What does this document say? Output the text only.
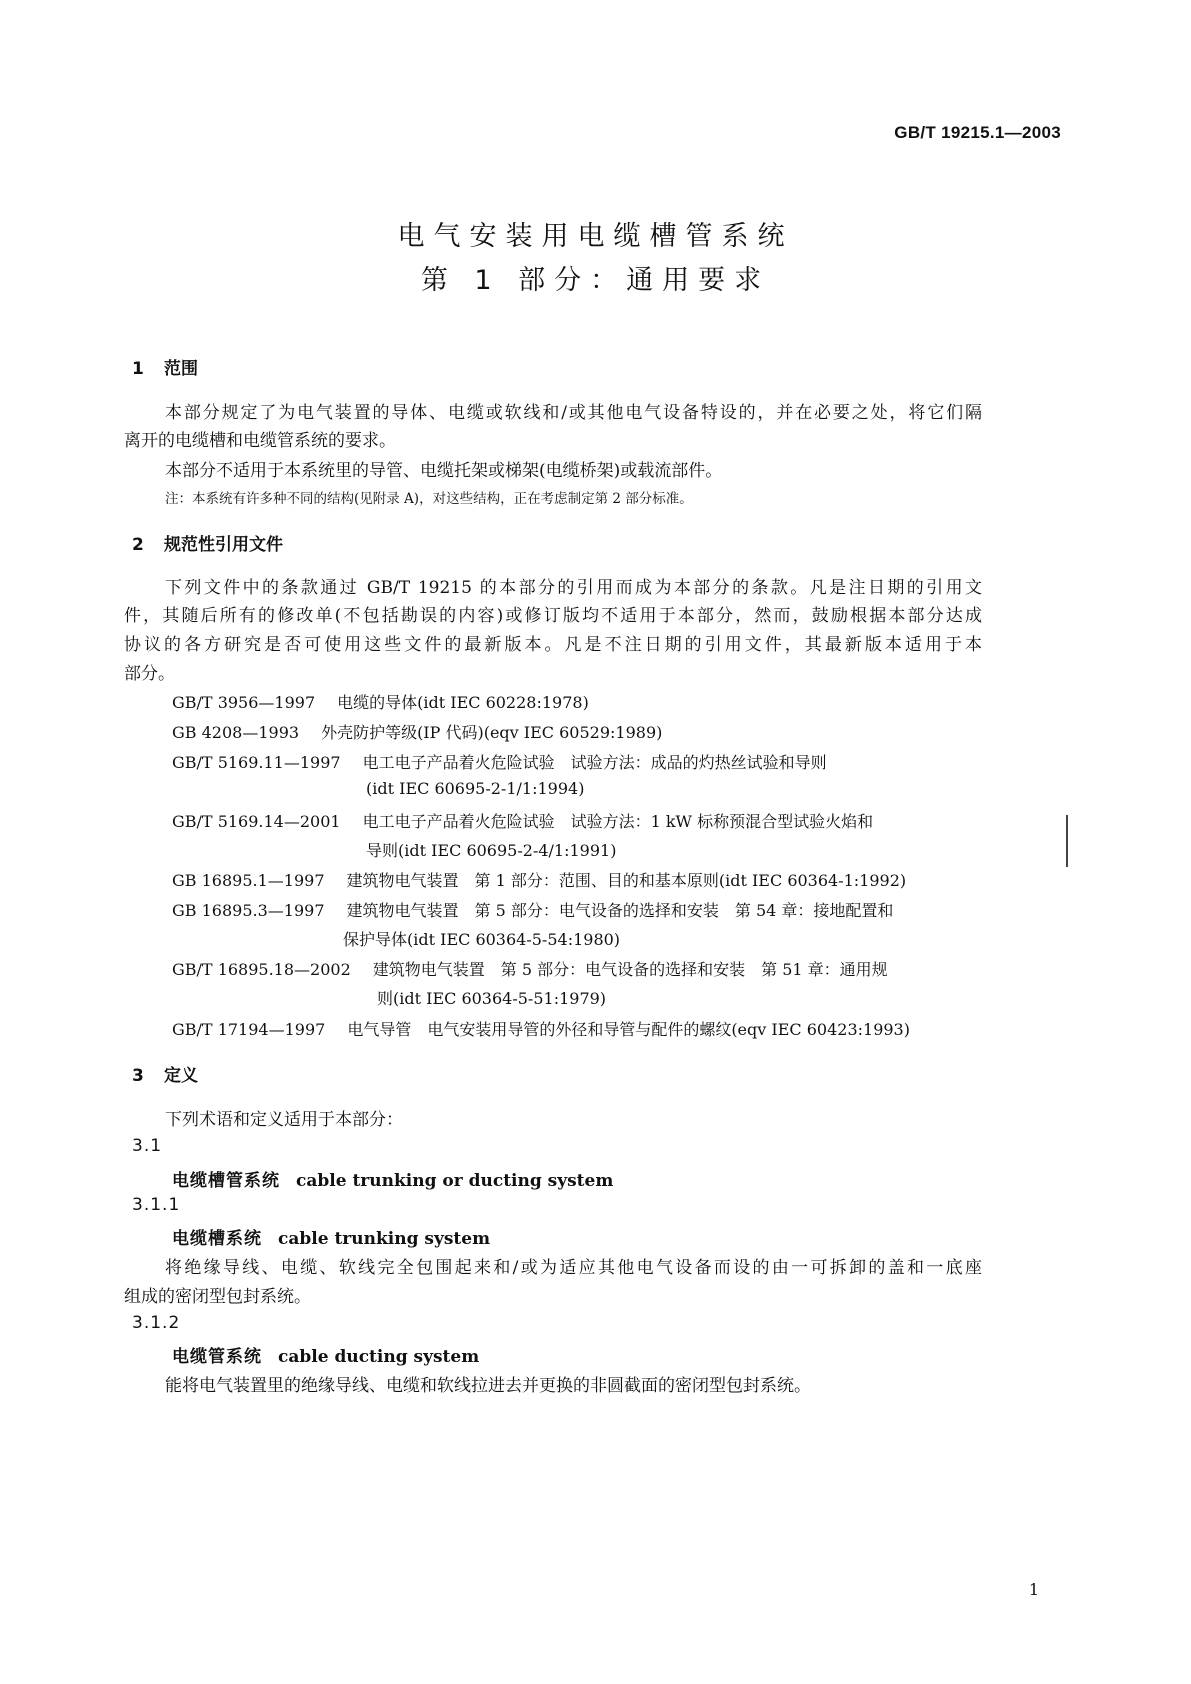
GB/T 19215.1—2003
电气安装用电缆槽管系统
第 1 部分：通用要求
1 范围
本部分规定了为电气装置的导体、电缆或软线和/或其他电气设备特设的，并在必要之处，将它们隔
离开的电缆槽和电缆管系统的要求。
本部分不适用于本系统里的导管、电缆托架或梯架(电缆桥架)或载流部件。
注：本系统有许多种不同的结构(见附录 A)，对这些结构，正在考虑制定第 2 部分标准。
2 规范性引用文件
下列文件中的条款通过 GB/T 19215 的本部分的引用而成为本部分的条款。凡是注日期的引用文
件，其随后所有的修改单(不包括勘误的内容)或修订版均不适用于本部分，然而，鼓励根据本部分达成
协议的各方研究是否可使用这些文件的最新版本。凡是不注日期的引用文件，其最新版本适用于本
部分。
GB/T 3956—1997 电缆的导体(idt IEC 60228:1978)
GB 4208—1993 外壳防护等级(IP 代码)(eqv IEC 60529:1989)
GB/T 5169.11—1997 电工电子产品着火危险试验　试验方法：成品的灼热丝试验和导则
(idt IEC 60695-2-1/1:1994)
GB/T 5169.14—2001 电工电子产品着火危险试验　试验方法：1 kW 标称预混合型试验火焰和
导则(idt IEC 60695-2-4/1:1991)
GB 16895.1—1997 建筑物电气装置　第 1 部分：范围、目的和基本原则(idt IEC 60364-1:1992)
GB 16895.3—1997 建筑物电气装置　第 5 部分：电气设备的选择和安装　第 54 章：接地配置和
保护导体(idt IEC 60364-5-54:1980)
GB/T 16895.18—2002 建筑物电气装置　第 5 部分：电气设备的选择和安装　第 51 章：通用规
则(idt IEC 60364-5-51:1979)
GB/T 17194—1997 电气导管　电气安装用导管的外径和导管与配件的螺纹(eqv IEC 60423:1993)
3 定义
下列术语和定义适用于本部分：
3.1
电缆槽管系统 cable trunking or ducting system
3.1.1
电缆槽系统 cable trunking system
将绝缘导线、电缆、软线完全包围起来和/或为适应其他电气设备而设的由一可拆卸的盖和一底座
组成的密闭型包封系统。
3.1.2
电缆管系统 cable ducting system
能将电气装置里的绝缘导线、电缆和软线拉进去并更换的非圆截面的密闭型包封系统。
1
